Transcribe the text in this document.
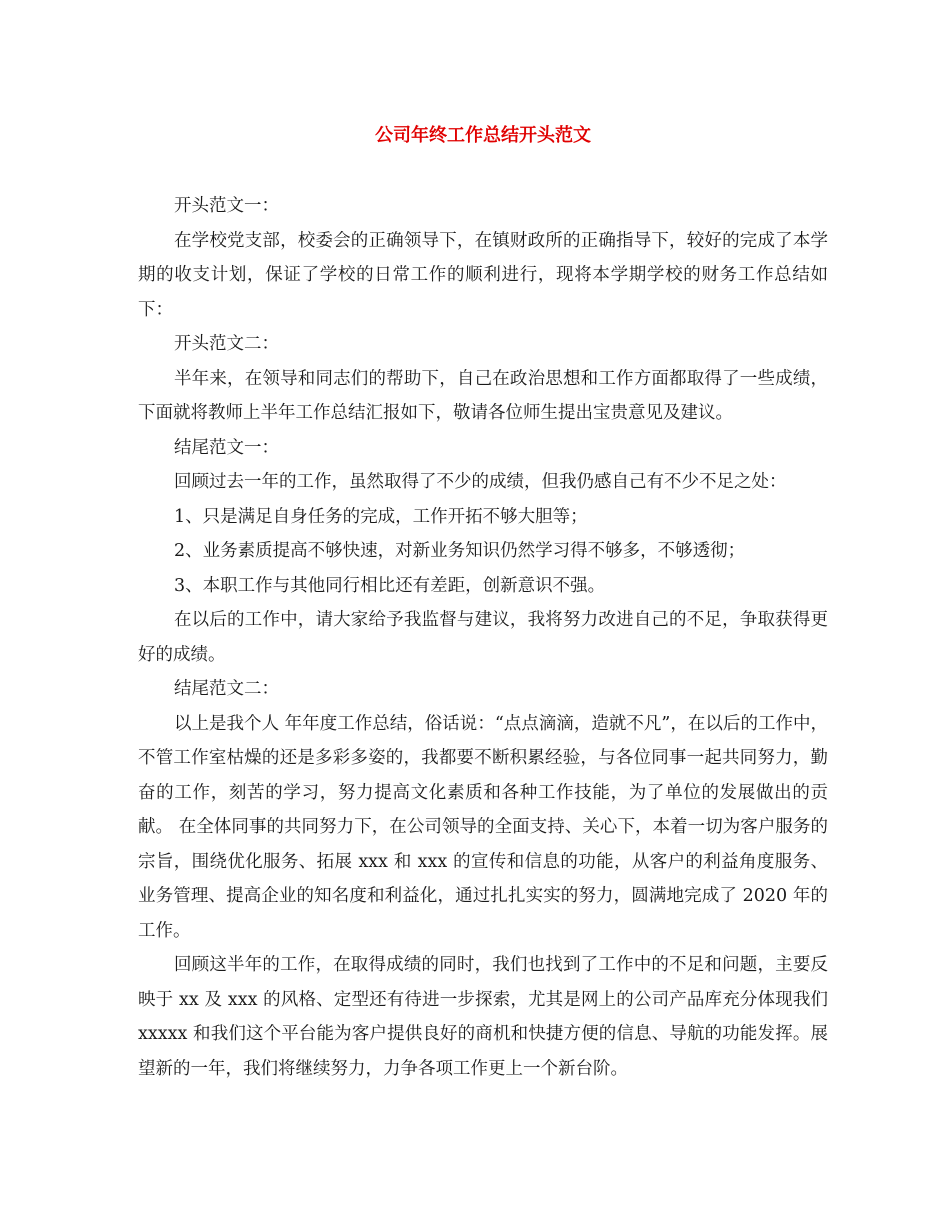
公司年终工作总结开头范文

开头范文一：

在学校党支部，校委会的正确领导下，在镇财政所的正确指导下，较好的完成了本学期的收支计划，保证了学校的日常工作的顺利进行，现将本学期学校的财务工作总结如下：

开头范文二：

半年来，在领导和同志们的帮助下，自己在政治思想和工作方面都取得了一些成绩，下面就将教师上半年工作总结汇报如下，敬请各位师生提出宝贵意见及建议。

结尾范文一：

回顾过去一年的工作，虽然取得了不少的成绩，但我仍感自己有不少不足之处：

1、只是满足自身任务的完成，工作开拓不够大胆等；

2、业务素质提高不够快速，对新业务知识仍然学习得不够多，不够透彻；

3、本职工作与其他同行相比还有差距，创新意识不强。

在以后的工作中，请大家给予我监督与建议，我将努力改进自己的不足，争取获得更好的成绩。

结尾范文二：

以上是我个人 年年度工作总结，俗话说：“点点滴滴，造就不凡”，在以后的工作中，不管工作室枯燥的还是多彩多姿的，我都要不断积累经验，与各位同事一起共同努力，勤奋的工作，刻苦的学习，努力提高文化素质和各种工作技能，为了单位的发展做出的贡献。 在全体同事的共同努力下，在公司领导的全面支持、关心下，本着一切为客户服务的宗旨，围绕优化服务、拓展 xxx 和 xxx 的宣传和信息的功能，从客户的利益角度服务、业务管理、提高企业的知名度和利益化，通过扎扎实实的努力，圆满地完成了 2020 年的工作。

回顾这半年的工作，在取得成绩的同时，我们也找到了工作中的不足和问题，主要反映于 xx 及 xxx 的风格、定型还有待进一步探索，尤其是网上的公司产品库充分体现我们 xxxxx 和我们这个平台能为客户提供良好的商机和快捷方便的信息、导航的功能发挥。展望新的一年，我们将继续努力，力争各项工作更上一个新台阶。
